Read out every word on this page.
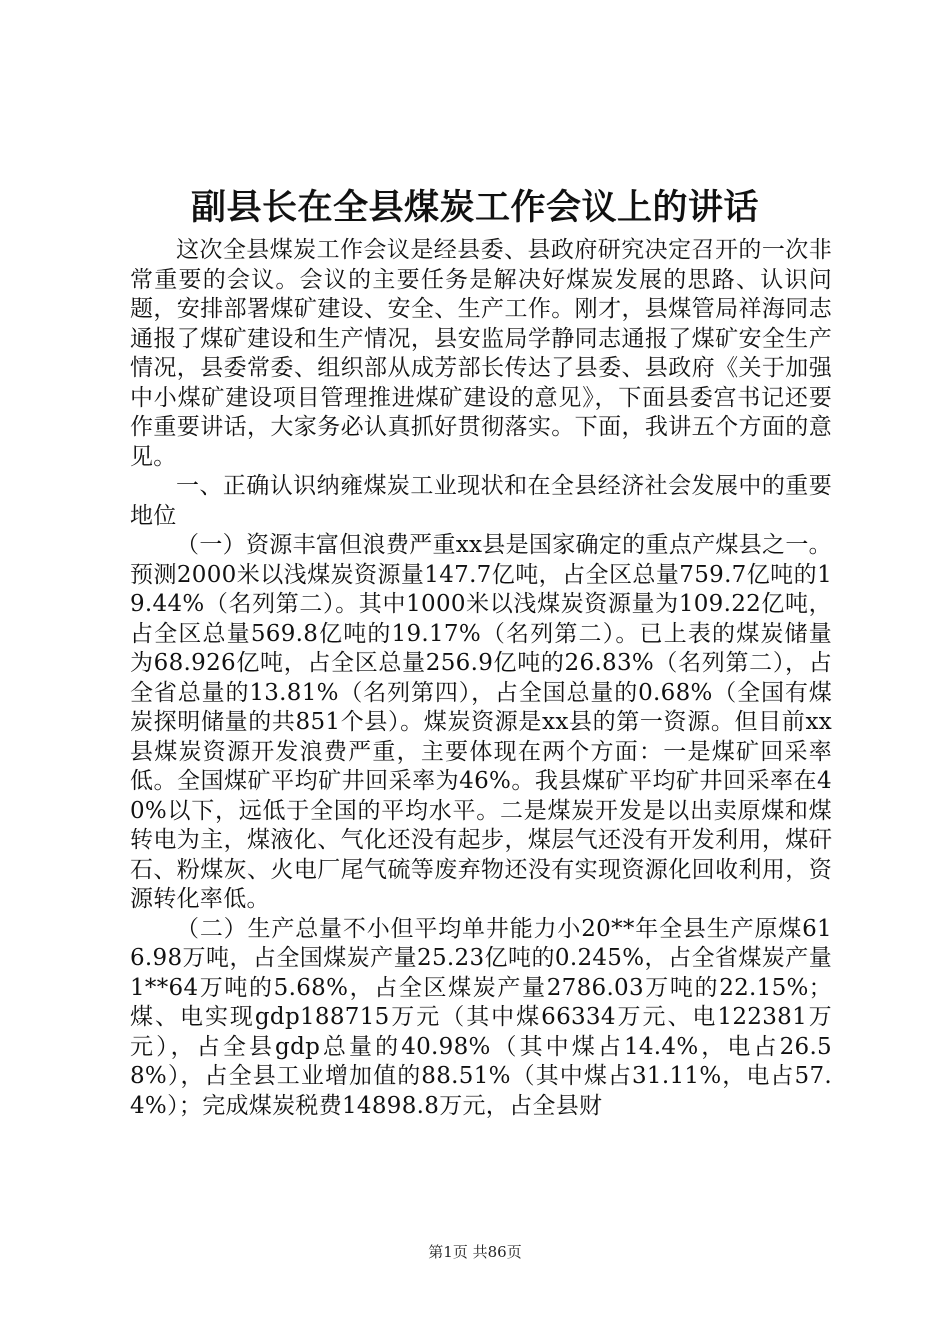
副县长在全县煤炭工作会议上的讲话

这次全县煤炭工作会议是经县委、县政府研究决定召开的一次非常重要的会议。会议的主要任务是解决好煤炭发展的思路、认识问题，安排部署煤矿建设、安全、生产工作。刚才，县煤管局祥海同志通报了煤矿建设和生产情况，县安监局学静同志通报了煤矿安全生产情况，县委常委、组织部从成芳部长传达了县委、县政府《关于加强中小煤矿建设项目管理推进煤矿建设的意见》，下面县委宫书记还要作重要讲话，大家务必认真抓好贯彻落实。下面，我讲五个方面的意见。

一、正确认识纳雍煤炭工业现状和在全县经济社会发展中的重要地位

（一）资源丰富但浪费严重xx县是国家确定的重点产煤县之一。预测2000米以浅煤炭资源量147.7亿吨，占全区总量759.7亿吨的19.44%（名列第二）。其中1000米以浅煤炭资源量为109.22亿吨，占全区总量569.8亿吨的19.17%（名列第二）。已上表的煤炭储量为68.926亿吨，占全区总量256.9亿吨的26.83%（名列第二），占全省总量的13.81%（名列第四），占全国总量的0.68%（全国有煤炭探明储量的共851个县）。煤炭资源是xx县的第一资源。但目前xx县煤炭资源开发浪费严重，主要体现在两个方面：一是煤矿回采率低。全国煤矿平均矿井回采率为46%。我县煤矿平均矿井回采率在40%以下，远低于全国的平均水平。二是煤炭开发是以出卖原煤和煤转电为主，煤液化、气化还没有起步，煤层气还没有开发利用，煤矸石、粉煤灰、火电厂尾气硫等废弃物还没有实现资源化回收利用，资源转化率低。

（二）生产总量不小但平均单井能力小20**年全县生产原煤616.98万吨，占全国煤炭产量25.23亿吨的0.245%，占全省煤炭产量1**64万吨的5.68%，占全区煤炭产量2786.03万吨的22.15%；煤、电实现gdp188715万元（其中煤66334万元、电122381万元），占全县gdp总量的40.98%（其中煤占14.4%，电占26.58%），占全县工业增加值的88.51%（其中煤占31.11%，电占57.4%）；完成煤炭税费14898.8万元，占全县财

第1页 共86页
